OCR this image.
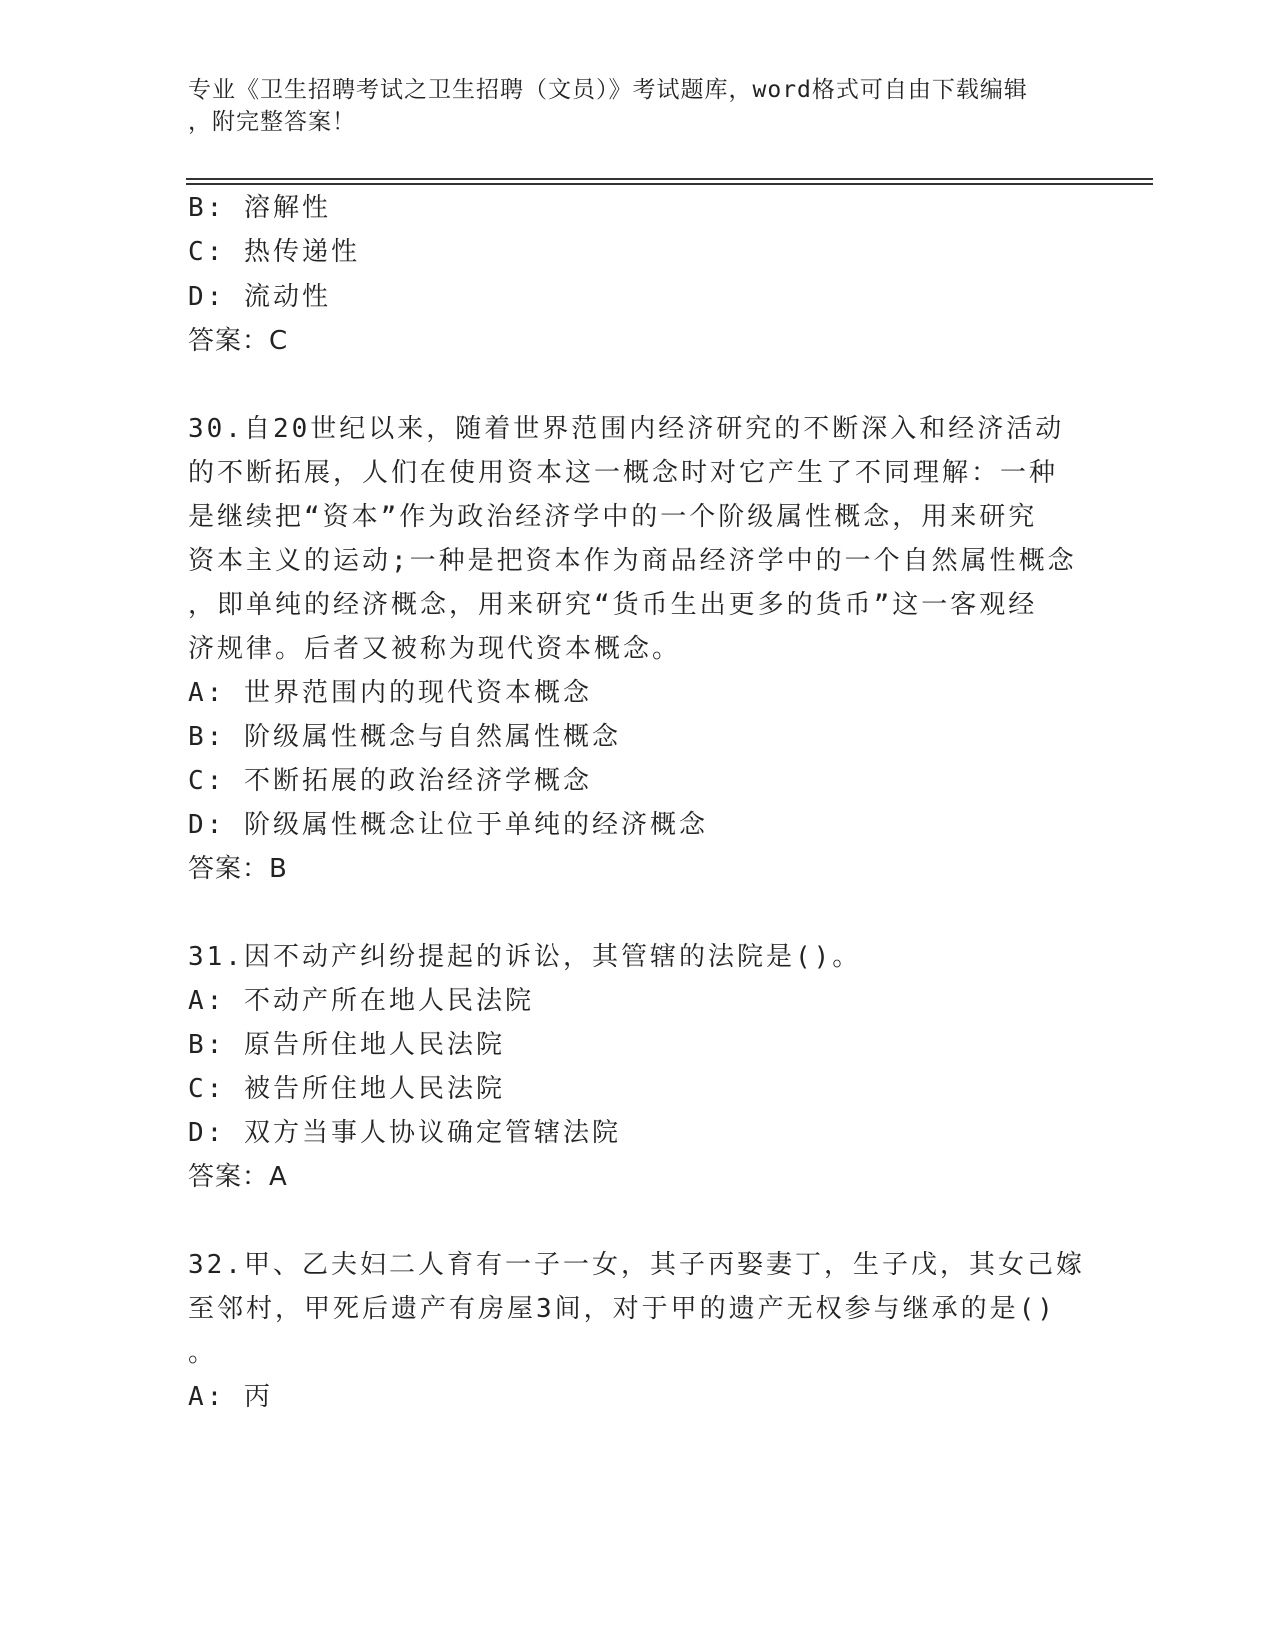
专业《卫生招聘考试之卫生招聘（文员）》考试题库，word格式可自由下载编辑
，附完整答案！
B: 溶解性
C: 热传递性
D: 流动性
答案：C
30.自20世纪以来，随着世界范围内经济研究的不断深入和经济活动
的不断拓展，人们在使用资本这一概念时对它产生了不同理解：一种
是继续把“资本”作为政治经济学中的一个阶级属性概念，用来研究
资本主义的运动;一种是把资本作为商品经济学中的一个自然属性概念
，即单纯的经济概念，用来研究“货币生出更多的货币”这一客观经
济规律。后者又被称为现代资本概念。
A: 世界范围内的现代资本概念
B: 阶级属性概念与自然属性概念
C: 不断拓展的政治经济学概念
D: 阶级属性概念让位于单纯的经济概念
答案：B
31.因不动产纠纷提起的诉讼，其管辖的法院是()。
A: 不动产所在地人民法院
B: 原告所住地人民法院
C: 被告所住地人民法院
D: 双方当事人协议确定管辖法院
答案：A
32.甲、乙夫妇二人育有一子一女，其子丙娶妻丁，生子戊，其女己嫁
至邻村，甲死后遗产有房屋3间，对于甲的遗产无权参与继承的是()
。
A: 丙
